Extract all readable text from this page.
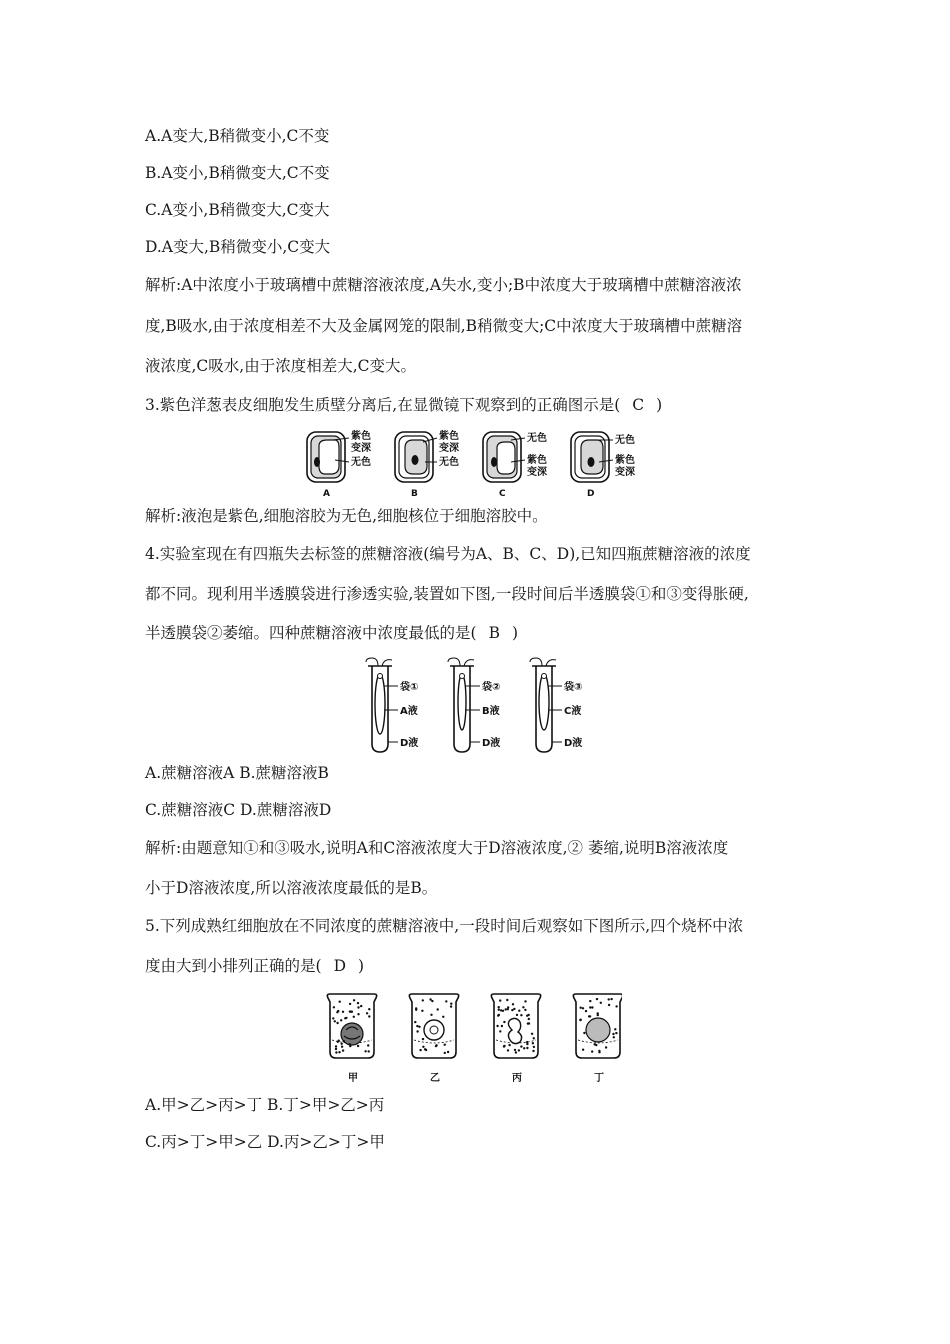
A.A变大,B稍微变小,C不变
B.A变小,B稍微变大,C不变
C.A变小,B稍微变大,C变大
D.A变大,B稍微变小,C变大
解析:A中浓度小于玻璃槽中蔗糖溶液浓度,A失水,变小;B中浓度大于玻璃槽中蔗糖溶液浓
度,B吸水,由于浓度相差不大及金属网笼的限制,B稍微变大;C中浓度大于玻璃槽中蔗糖溶
液浓度,C吸水,由于浓度相差大,C变大。
3.紫色洋葱表皮细胞发生质壁分离后,在显微镜下观察到的正确图示是( C )
紫色
变深
无色
A
紫色
变深
无色
B
无色
紫色
变深
C
无色
紫色
变深
D
解析:液泡是紫色,细胞溶胶为无色,细胞核位于细胞溶胶中。
4.实验室现在有四瓶失去标签的蔗糖溶液(编号为A、B、C、D),已知四瓶蔗糖溶液的浓度
都不同。现利用半透膜袋进行渗透实验,装置如下图,一段时间后半透膜袋①和③变得胀硬,
半透膜袋②萎缩。四种蔗糖溶液中浓度最低的是( B )
袋①
A液
D液
袋②
B液
D液
袋③
C液
D液
A.蔗糖溶液A B.蔗糖溶液B
C.蔗糖溶液C D.蔗糖溶液D
解析:由题意知①和③吸水,说明A和C溶液浓度大于D溶液浓度,② 萎缩,说明B溶液浓度
小于D溶液浓度,所以溶液浓度最低的是B。
5.下列成熟红细胞放在不同浓度的蔗糖溶液中,一段时间后观察如下图所示,四个烧杯中浓
度由大到小排列正确的是( D )
甲	乙	丙	丁
A.甲>乙>丙>丁 B.丁>甲>乙>丙
C.丙>丁>甲>乙 D.丙>乙>丁>甲
